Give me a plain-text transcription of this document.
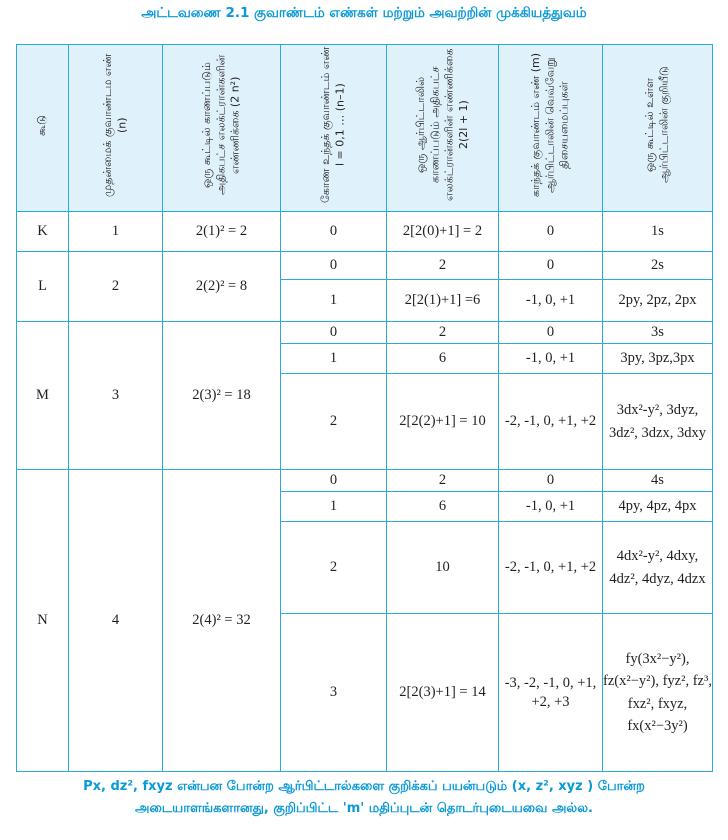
அட்டவணை 2.1 குவாண்டம் எண்கள் மற்றும் அவற்றின் முக்கியத்துவம்
கூடு	முதன்மைக் குவாண்டம எண் (n)	ஒரு கூட்டில் காணப்படும் அதிகபட்ச எலக்ட்ரான்களின் எண்ணிக்கை (2 n²)	கோண உந்தக் குவாண்டம் எண் l = 0,1 … (n–1)	ஒரு ஆர்பிட்டாலில் காணப்படும் அதிகபட்ச எலக்ட்ரான்களின் எண்ணிக்கை 2(2l + 1)	காந்தக் குவாண்டம் எண் (m) ஆர்பிட்டாலின் வெவ்வேறு திசையமைப்புகள்	ஒரு கூட்டில் உள்ள ஆர்பிட்டாலின் குறியீடு
K	1	2(1)² = 2	0	2[2(0)+1] = 2	0	1s
L	2	2(2)² = 8	0	2	0	2s
			1	2[2(1)+1] =6	-1, 0, +1	2py, 2pz, 2px
M	3	2(3)² = 18	0	2	0	3s
			1	6	-1, 0, +1	3py, 3pz,3px
			2	2[2(2)+1] = 10	-2, -1, 0, +1, +2	3dx²-y², 3dyz, 3dz², 3dzx, 3dxy
N	4	2(4)² = 32	0	2	0	4s
			1	6	-1, 0, +1	4py, 4pz, 4px
			2	10	-2, -1, 0, +1, +2	4dx²-y², 4dxy, 4dz², 4dyz, 4dzx
			3	2[2(3)+1] = 14	-3, -2, -1, 0, +1, +2, +3	fy(3x²−y²), fz(x²−y²), fyz², fz³, fxz², fxyz, fx(x²−3y²)
Px, dz², fxyz என்பன போன்ற ஆர்பிட்டால்களை குறிக்கப் பயன்படும் (x, z², xyz ) போன்ற அடையாளங்களானது, குறிப்பிட்ட 'm' மதிப்புடன் தொடர்புடையவை அல்ல.
